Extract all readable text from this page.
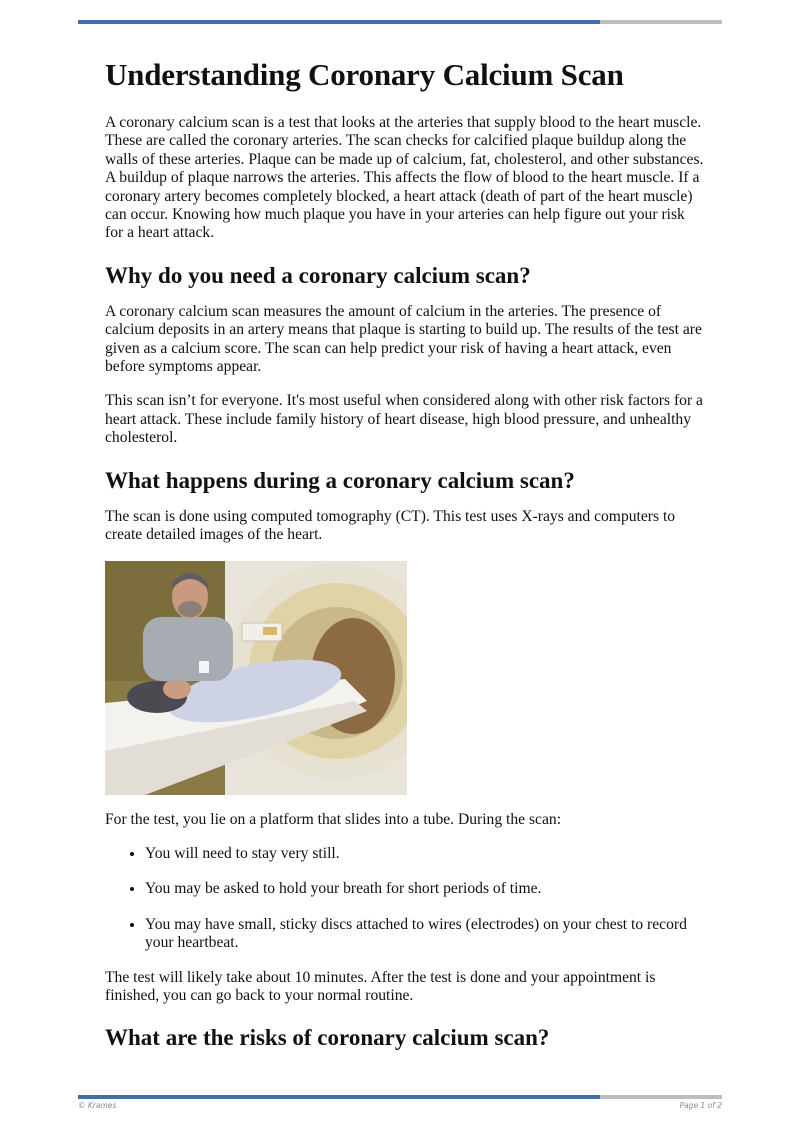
Understanding Coronary Calcium Scan

A coronary calcium scan is a test that looks at the arteries that supply blood to the heart muscle. These are called the coronary arteries. The scan checks for calcified plaque buildup along the walls of these arteries. Plaque can be made up of calcium, fat, cholesterol, and other substances. A buildup of plaque narrows the arteries. This affects the flow of blood to the heart muscle. If a coronary artery becomes completely blocked, a heart attack (death of part of the heart muscle) can occur. Knowing how much plaque you have in your arteries can help figure out your risk for a heart attack.

Why do you need a coronary calcium scan?

A coronary calcium scan measures the amount of calcium in the arteries. The presence of calcium deposits in an artery means that plaque is starting to build up. The results of the test are given as a calcium score. The scan can help predict your risk of having a heart attack, even before symptoms appear.

This scan isn’t for everyone. It's most useful when considered along with other risk factors for a heart attack. These include family history of heart disease, high blood pressure, and unhealthy cholesterol.

What happens during a coronary calcium scan?

The scan is done using computed tomography (CT). This test uses X-rays and computers to create detailed images of the heart.

For the test, you lie on a platform that slides into a tube. During the scan:

• You will need to stay very still.
• You may be asked to hold your breath for short periods of time.
• You may have small, sticky discs attached to wires (electrodes) on your chest to record your heartbeat.

The test will likely take about 10 minutes. After the test is done and your appointment is finished, you can go back to your normal routine.

What are the risks of coronary calcium scan?
© Krames	Page 1 of 2
